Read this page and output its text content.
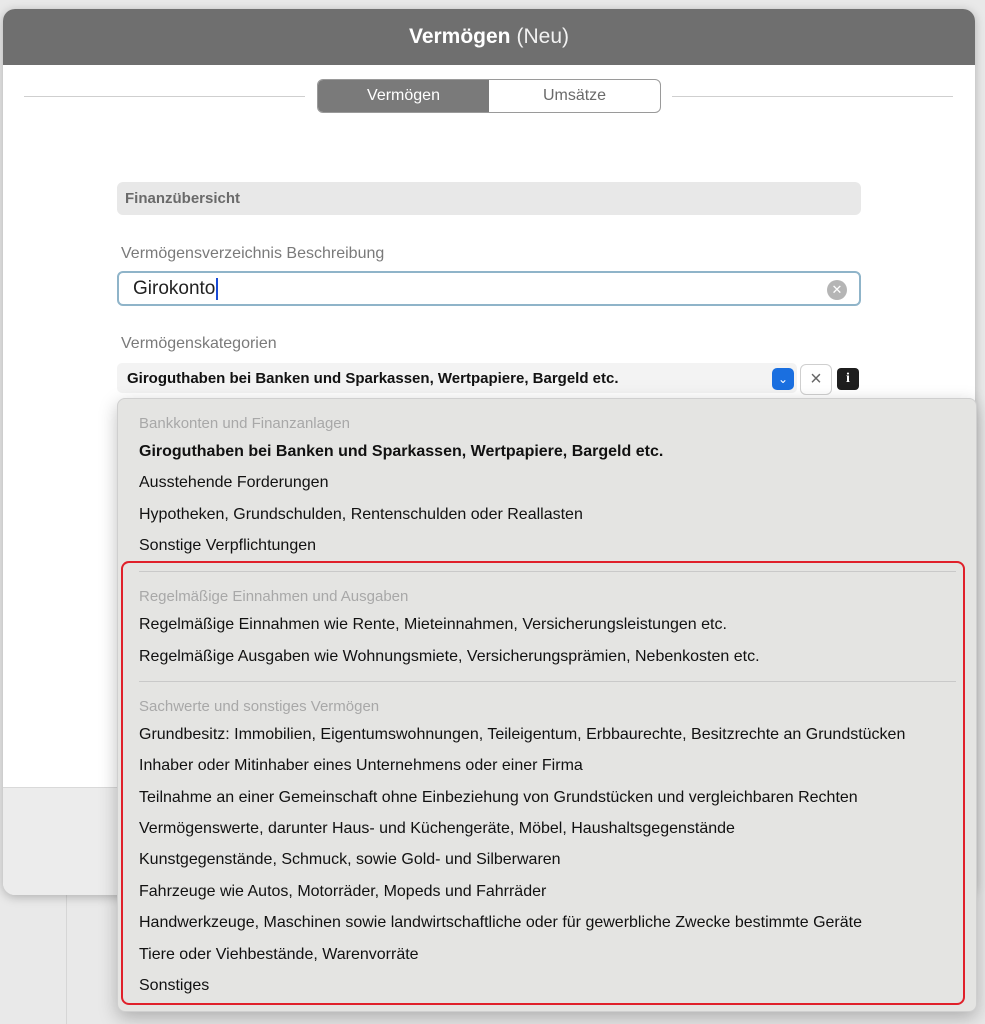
Vermögen (Neu)
Vermögen	Umsätze
Finanzübersicht
Vermögensverzeichnis Beschreibung
Girokonto	✕
Vermögenskategorien
Giroguthaben bei Banken und Sparkassen, Wertpapiere, Bargeld etc.	⌄	×	i
Bankkonten und Finanzanlagen
Giroguthaben bei Banken und Sparkassen, Wertpapiere, Bargeld etc.
Ausstehende Forderungen
Hypotheken, Grundschulden, Rentenschulden oder Reallasten
Sonstige Verpflichtungen
Regelmäßige Einnahmen und Ausgaben
Regelmäßige Einnahmen wie Rente, Mieteinnahmen, Versicherungsleistungen etc.
Regelmäßige Ausgaben wie Wohnungsmiete, Versicherungsprämien, Nebenkosten etc.
Sachwerte und sonstiges Vermögen
Grundbesitz: Immobilien, Eigentumswohnungen, Teileigentum, Erbbaurechte, Besitzrechte an Grundstücken
Inhaber oder Mitinhaber eines Unternehmens oder einer Firma
Teilnahme an einer Gemeinschaft ohne Einbeziehung von Grundstücken und vergleichbaren Rechten
Vermögenswerte, darunter Haus- und Küchengeräte, Möbel, Haushaltsgegenstände
Kunstgegenstände, Schmuck, sowie Gold- und Silberwaren
Fahrzeuge wie Autos, Motorräder, Mopeds und Fahrräder
Handwerkzeuge, Maschinen sowie landwirtschaftliche oder für gewerbliche Zwecke bestimmte Geräte
Tiere oder Viehbestände, Warenvorräte
Sonstiges
